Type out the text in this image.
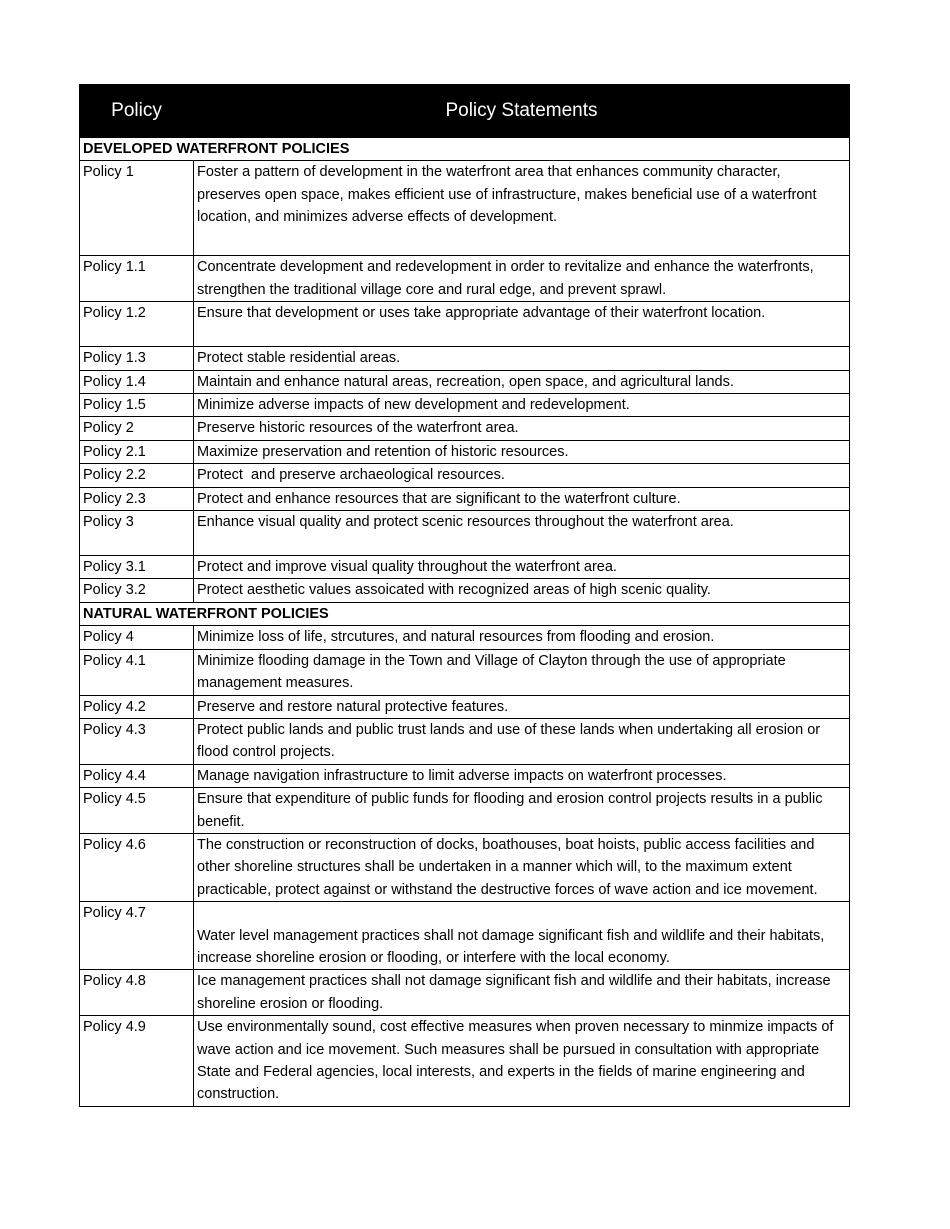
Policy	Policy Statements
DEVELOPED WATERFRONT POLICIES	
Policy 1	Foster a pattern of development in the waterfront area that enhances community character, preserves open space, makes efficient use of infrastructure, makes beneficial use of a waterfront location, and minimizes adverse effects of development.
Policy 1.1	Concentrate development and redevelopment in order to revitalize and enhance the waterfronts, strengthen the traditional village core and rural edge, and prevent sprawl.
Policy 1.2	Ensure that development or uses take appropriate advantage of their waterfront location.
Policy 1.3	Protect stable residential areas.
Policy 1.4	Maintain and enhance natural areas, recreation, open space, and agricultural lands.
Policy 1.5	Minimize adverse impacts of new development and redevelopment.
Policy 2	Preserve historic resources of the waterfront area.
Policy 2.1	Maximize preservation and retention of historic resources.
Policy 2.2	Protect  and preserve archaeological resources.
Policy 2.3	Protect and enhance resources that are significant to the waterfront culture.
Policy 3	Enhance visual quality and protect scenic resources throughout the waterfront area.
Policy 3.1	Protect and improve visual quality throughout the waterfront area.
Policy 3.2	Protect aesthetic values assoicated with recognized areas of high scenic quality.
NATURAL WATERFRONT POLICIES	
Policy 4	Minimize loss of life, strcutures, and natural resources from flooding and erosion.
Policy 4.1	Minimize flooding damage in the Town and Village of Clayton through the use of appropriate management measures.
Policy 4.2	Preserve and restore natural protective features.
Policy 4.3	Protect public lands and public trust lands and use of these lands when undertaking all erosion or flood control projects.
Policy 4.4	Manage navigation infrastructure to limit adverse impacts on waterfront processes.
Policy 4.5	Ensure that expenditure of public funds for flooding and erosion control projects results in a public benefit.
Policy 4.6	The construction or reconstruction of docks, boathouses, boat hoists, public access facilities and other shoreline structures shall be undertaken in a manner which will, to the maximum extent practicable, protect against or withstand the destructive forces of wave action and ice movement.
Policy 4.7	Water level management practices shall not damage significant fish and wildlife and their habitats, increase shoreline erosion or flooding, or interfere with the local economy.
Policy 4.8	Ice management practices shall not damage significant fish and wildlife and their habitats, increase shoreline erosion or flooding.
Policy 4.9	Use environmentally sound, cost effective measures when proven necessary to minmize impacts of wave action and ice movement. Such measures shall be pursued in consultation with appropriate State and Federal agencies, local interests, and experts in the fields of marine engineering and construction.
